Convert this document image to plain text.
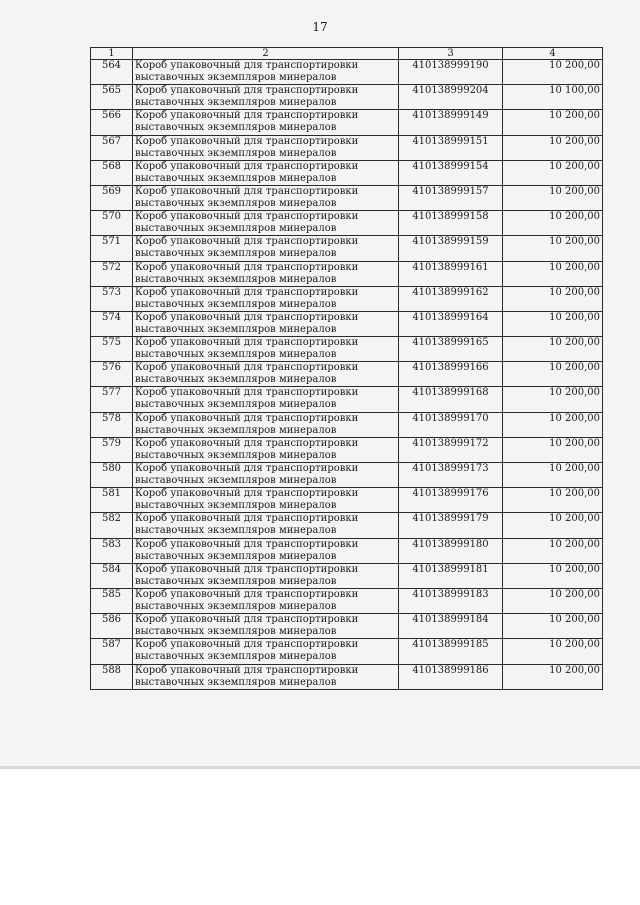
17
1	2	3	4
564	Короб упаковочный для транспортировки
выставочных экземпляров минералов	410138999190	10 200,00
565	Короб упаковочный для транспортировки
выставочных экземпляров минералов	410138999204	10 100,00
566	Короб упаковочный для транспортировки
выставочных экземпляров минералов	410138999149	10 200,00
567	Короб упаковочный для транспортировки
выставочных экземпляров минералов	410138999151	10 200,00
568	Короб упаковочный для транспортировки
выставочных экземпляров минералов	410138999154	10 200,00
569	Короб упаковочный для транспортировки
выставочных экземпляров минералов	410138999157	10 200,00
570	Короб упаковочный для транспортировки
выставочных экземпляров минералов	410138999158	10 200,00
571	Короб упаковочный для транспортировки
выставочных экземпляров минералов	410138999159	10 200,00
572	Короб упаковочный для транспортировки
выставочных экземпляров минералов	410138999161	10 200,00
573	Короб упаковочный для транспортировки
выставочных экземпляров минералов	410138999162	10 200,00
574	Короб упаковочный для транспортировки
выставочных экземпляров минералов	410138999164	10 200,00
575	Короб упаковочный для транспортировки
выставочных экземпляров минералов	410138999165	10 200,00
576	Короб упаковочный для транспортировки
выставочных экземпляров минералов	410138999166	10 200,00
577	Короб упаковочный для транспортировки
выставочных экземпляров минералов	410138999168	10 200,00
578	Короб упаковочный для транспортировки
выставочных экземпляров минералов	410138999170	10 200,00
579	Короб упаковочный для транспортировки
выставочных экземпляров минералов	410138999172	10 200,00
580	Короб упаковочный для транспортировки
выставочных экземпляров минералов	410138999173	10 200,00
581	Короб упаковочный для транспортировки
выставочных экземпляров минералов	410138999176	10 200,00
582	Короб упаковочный для транспортировки
выставочных экземпляров минералов	410138999179	10 200,00
583	Короб упаковочный для транспортировки
выставочных экземпляров минералов	410138999180	10 200,00
584	Короб упаковочный для транспортировки
выставочных экземпляров минералов	410138999181	10 200,00
585	Короб упаковочный для транспортировки
выставочных экземпляров минералов	410138999183	10 200,00
586	Короб упаковочный для транспортировки
выставочных экземпляров минералов	410138999184	10 200,00
587	Короб упаковочный для транспортировки
выставочных экземпляров минералов	410138999185	10 200,00
588	Короб упаковочный для транспортировки
выставочных экземпляров минералов	410138999186	10 200,00
